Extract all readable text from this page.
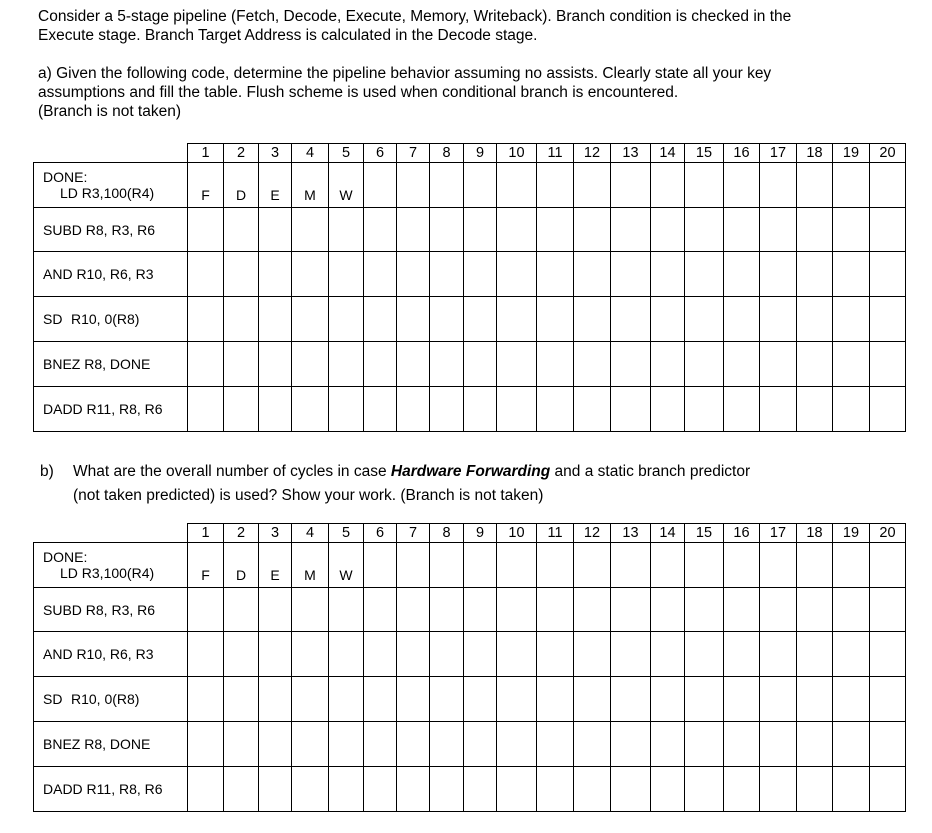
Consider a 5-stage pipeline (Fetch, Decode, Execute, Memory, Writeback). Branch condition is checked in the
Execute stage. Branch Target Address is calculated in the Decode stage.

a) Given the following code, determine the pipeline behavior assuming no assists. Clearly state all your key
assumptions and fill the table. Flush scheme is used when conditional branch is encountered.
(Branch is not taken)

	1	2	3	4	5	6	7	8	9	10	11	12	13	14	15	16	17	18	19	20

DONE:
LD R3,100(R4)	F	D	E	M	W															
SUBD R8, R3, R6																				
AND R10, R6, R3																				
SD R10, 0(R8)																				
BNEZ R8, DONE																				
DADD R11, R8, R6																				
b) What are the overall number of cycles in case Hardware Forwarding and a static branch predictor
(not taken predicted) is used? Show your work. (Branch is not taken)
	1	2	3	4	5	6	7	8	9	10	11	12	13	14	15	16	17	18	19	20

DONE:
LD R3,100(R4)	F	D	E	M	W															
SUBD R8, R3, R6																				
AND R10, R6, R3																				
SD R10, 0(R8)																				
BNEZ R8, DONE																				
DADD R11, R8, R6																				
